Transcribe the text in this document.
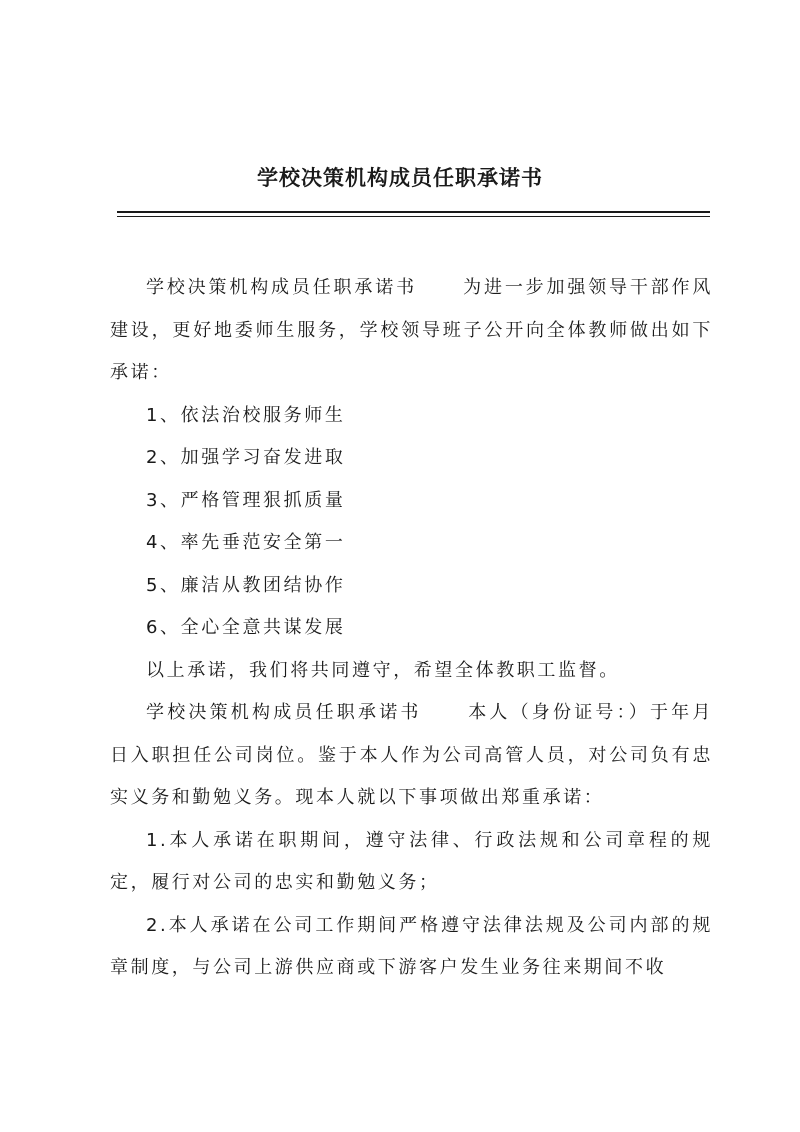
学校决策机构成员任职承诺书

学校决策机构成员任职承诺书	为进一步加强领导干部作风建设，更好地委师生服务，学校领导班子公开向全体教师做出如下承诺：

1、依法治校服务师生

2、加强学习奋发进取

3、严格管理狠抓质量

4、率先垂范安全第一

5、廉洁从教团结协作

6、全心全意共谋发展

以上承诺，我们将共同遵守，希望全体教职工监督。

学校决策机构成员任职承诺书	本人（身份证号：）于年月日入职担任公司岗位。鉴于本人作为公司高管人员，对公司负有忠实义务和勤勉义务。现本人就以下事项做出郑重承诺：

1.本人承诺在职期间，遵守法律、行政法规和公司章程的规定，履行对公司的忠实和勤勉义务；

2.本人承诺在公司工作期间严格遵守法律法规及公司内部的规章制度，与公司上游供应商或下游客户发生业务往来期间不收
